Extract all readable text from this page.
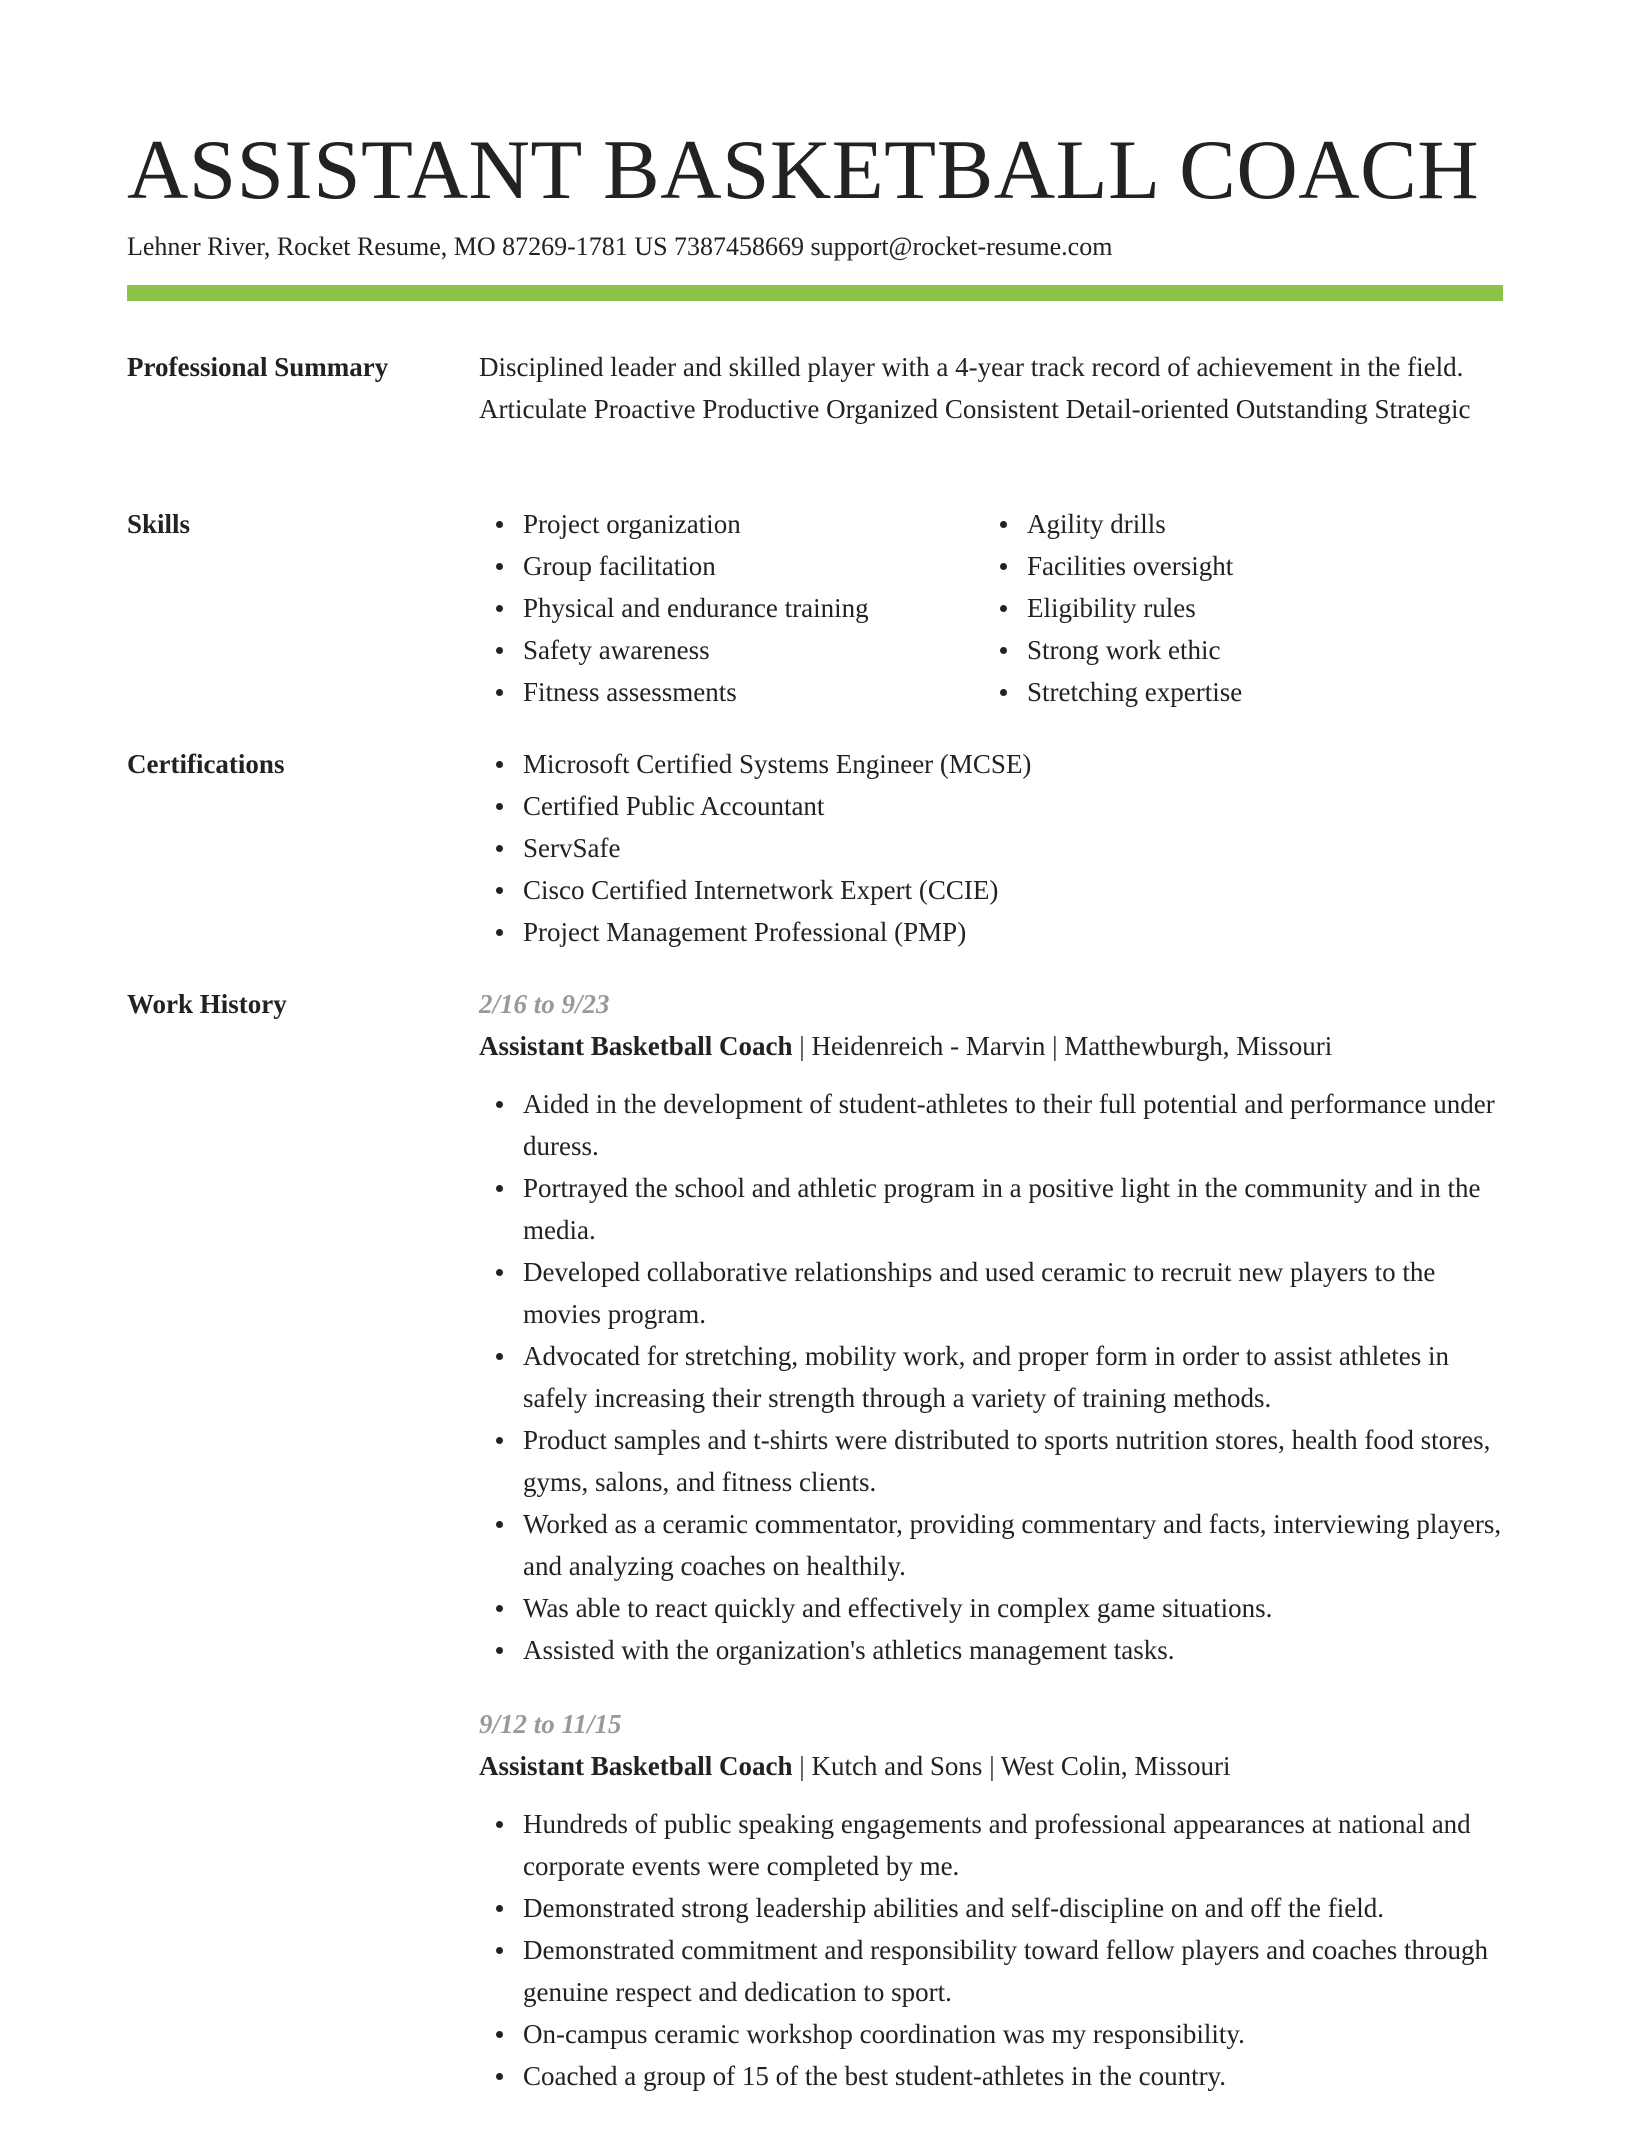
ASSISTANT BASKETBALL COACH
Lehner River, Rocket Resume, MO 87269-1781 US 7387458669 support@rocket-resume.com
Professional Summary	Disciplined leader and skilled player with a 4-year track record of achievement in the field. Articulate Proactive Productive Organized Consistent Detail-oriented Outstanding Strategic

Skills	Project organization
Group facilitation
Physical and endurance training
Safety awareness
Fitness assessments
Agility drills
Facilities oversight
Eligibility rules
Strong work ethic
Stretching expertise
Certifications	Microsoft Certified Systems Engineer (MCSE)
Certified Public Accountant
ServSafe
Cisco Certified Internetwork Expert (CCIE)
Project Management Professional (PMP)
Work History	2/16 to 9/23
Assistant Basketball Coach | Heidenreich - Marvin | Matthewburgh, Missouri
Aided in the development of student-athletes to their full potential and performance under duress.
Portrayed the school and athletic program in a positive light in the community and in the media.
Developed collaborative relationships and used ceramic to recruit new players to the movies program.
Advocated for stretching, mobility work, and proper form in order to assist athletes in safely increasing their strength through a variety of training methods.
Product samples and t-shirts were distributed to sports nutrition stores, health food stores, gyms, salons, and fitness clients.
Worked as a ceramic commentator, providing commentary and facts, interviewing players, and analyzing coaches on healthily.
Was able to react quickly and effectively in complex game situations.
Assisted with the organization's athletics management tasks.
9/12 to 11/15
Assistant Basketball Coach | Kutch and Sons | West Colin, Missouri
Hundreds of public speaking engagements and professional appearances at national and corporate events were completed by me.
Demonstrated strong leadership abilities and self-discipline on and off the field.
Demonstrated commitment and responsibility toward fellow players and coaches through genuine respect and dedication to sport.
On-campus ceramic workshop coordination was my responsibility.
Coached a group of 15 of the best student-athletes in the country.
